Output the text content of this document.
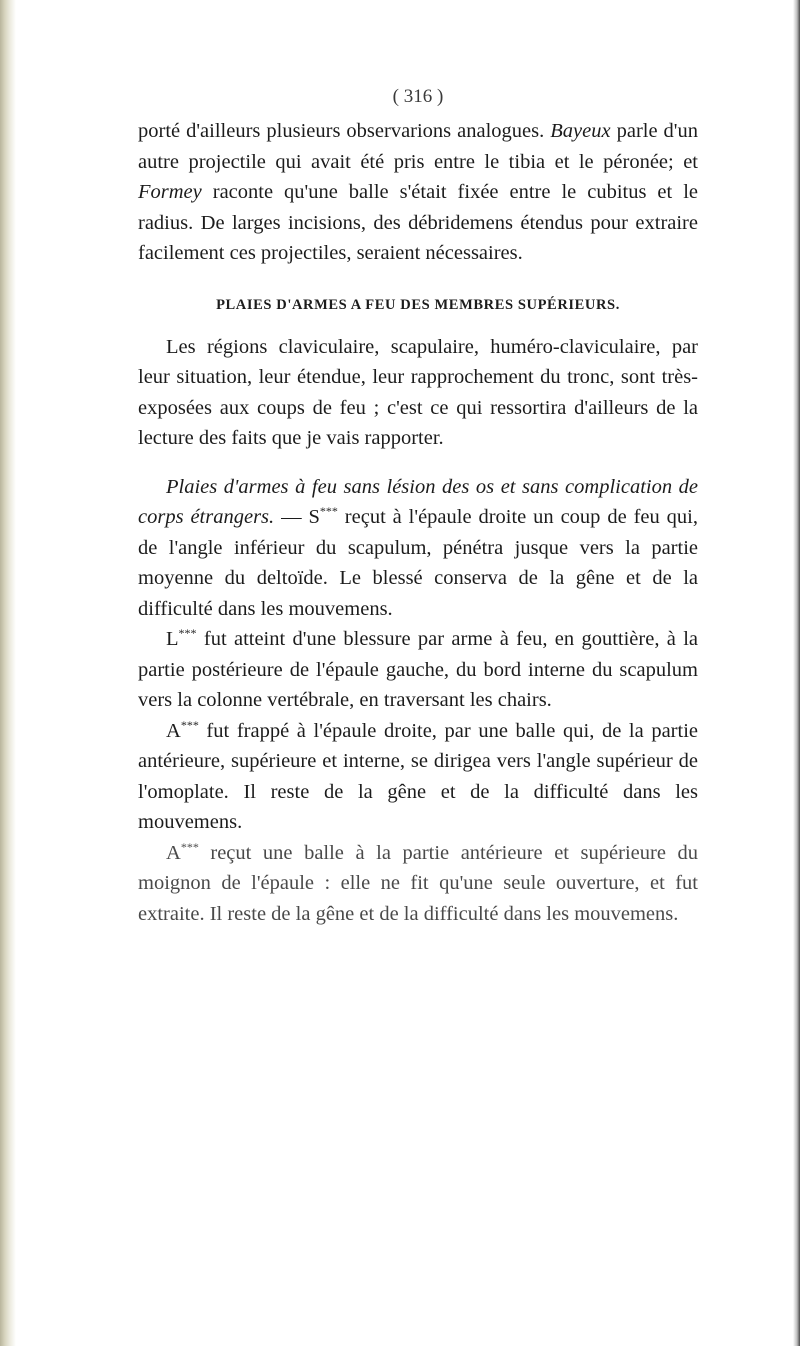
( 316 )

porté d'ailleurs plusieurs observarions analogues. Bayeux parle d'un autre projectile qui avait été pris entre le tibia et le péronée; et Formey raconte qu'une balle s'était fixée entre le cubitus et le radius. De larges incisions, des débridemens étendus pour extraire facilement ces projectiles, seraient nécessaires.

PLAIES D'ARMES A FEU DES MEMBRES SUPÉRIEURS.

Les régions claviculaire, scapulaire, huméro-claviculaire, par leur situation, leur étendue, leur rapprochement du tronc, sont très-exposées aux coups de feu ; c'est ce qui ressortira d'ailleurs de la lecture des faits que je vais rapporter.

Plaies d'armes à feu sans lésion des os et sans complication de corps étrangers. — S*** reçut à l'épaule droite un coup de feu qui, de l'angle inférieur du scapulum, pénétra jusque vers la partie moyenne du deltoïde. Le blessé conserva de la gêne et de la difficulté dans les mouvemens.

L*** fut atteint d'une blessure par arme à feu, en gouttière, à la partie postérieure de l'épaule gauche, du bord interne du scapulum vers la colonne vertébrale, en traversant les chairs.

A*** fut frappé à l'épaule droite, par une balle qui, de la partie antérieure, supérieure et interne, se dirigea vers l'angle supérieur de l'omoplate. Il reste de la gêne et de la difficulté dans les mouvemens.

A*** reçut une balle à la partie antérieure et supérieure du moignon de l'épaule : elle ne fit qu'une seule ouverture, et fut extraite. Il reste de la gêne et de la difficulté dans les mouvemens.
